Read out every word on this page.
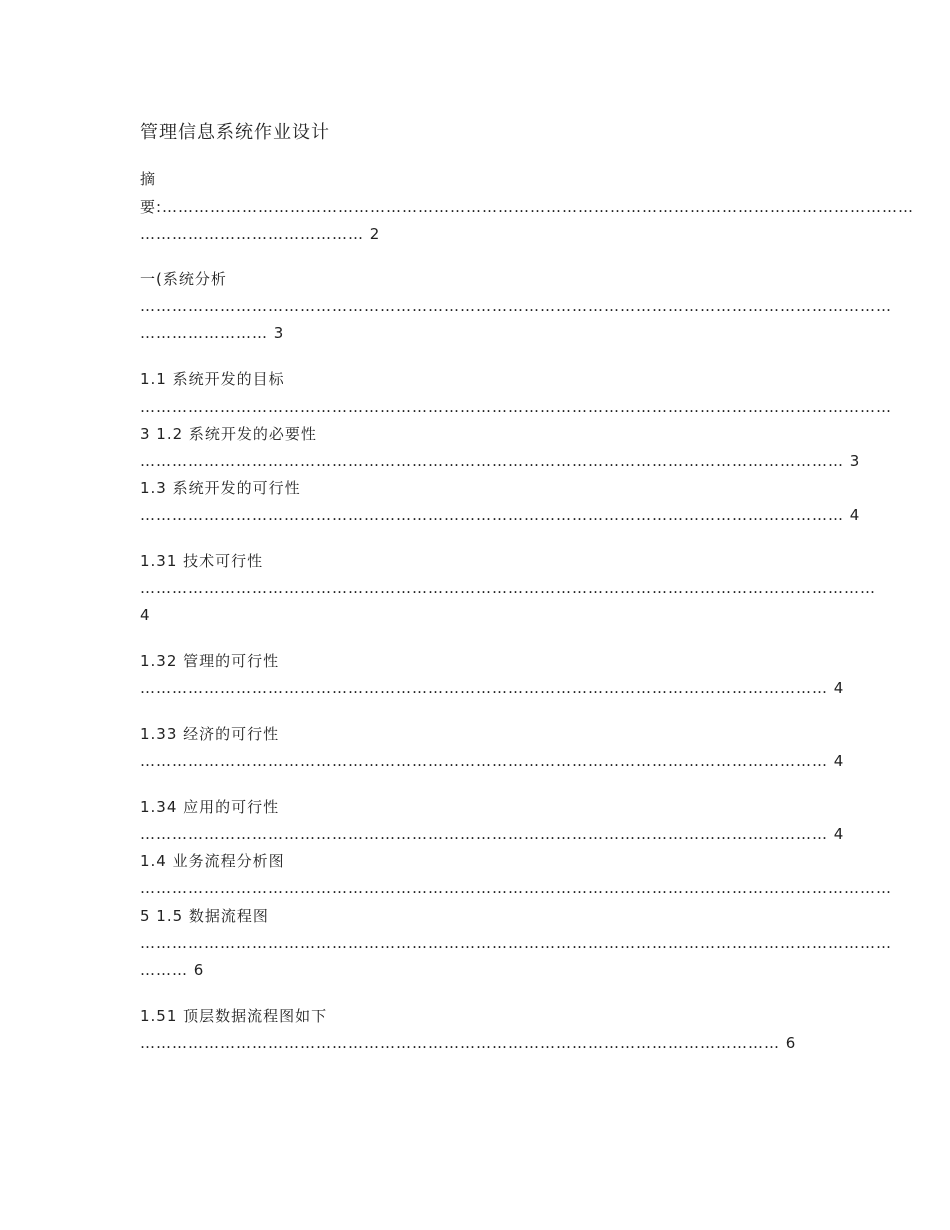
管理信息系统作业设计
摘
要:……………………………………………………………………………………………………………………………
…………………………………… 2
一(系统分析
……………………………………………………………………………………………………………………………
…………………… 3
1.1 系统开发的目标
……………………………………………………………………………………………………………………………
3 1.2 系统开发的必要性
…………………………………………………………………………………………………………………… 3
1.3 系统开发的可行性
…………………………………………………………………………………………………………………… 4
1.31 技术可行性
…………………………………………………………………………………………………………………………
4
1.32 管理的可行性
………………………………………………………………………………………………………………… 4
1.33 经济的可行性
………………………………………………………………………………………………………………… 4
1.34 应用的可行性
………………………………………………………………………………………………………………… 4
1.4 业务流程分析图
……………………………………………………………………………………………………………………………
5 1.5 数据流程图
……………………………………………………………………………………………………………………………
……… 6
1.51 顶层数据流程图如下
………………………………………………………………………………………………………… 6
